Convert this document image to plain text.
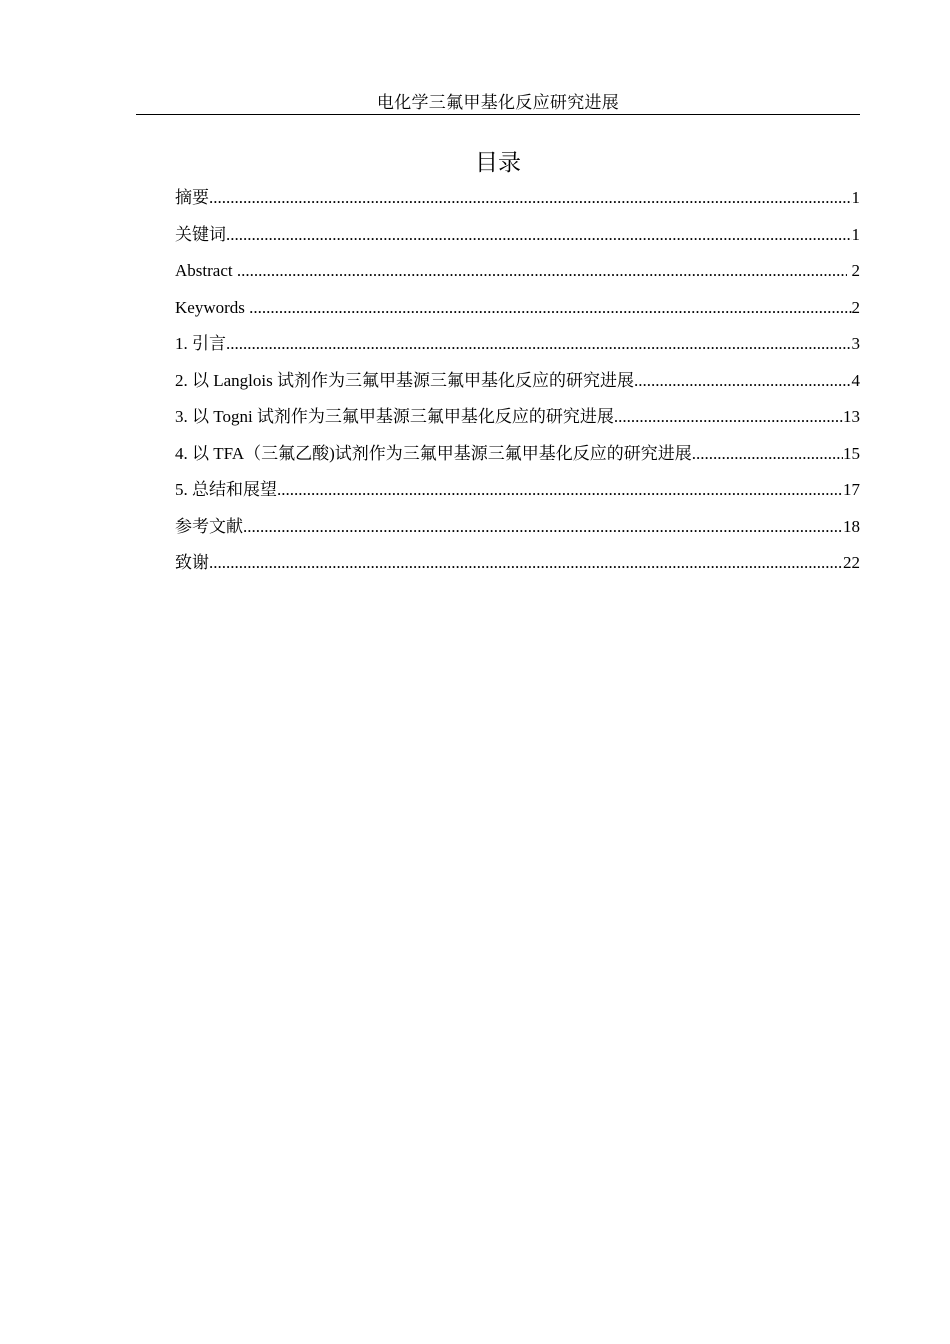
电化学三氟甲基化反应研究进展
目录
摘要 .....	1
关键词 .....	1
Abstract .....	2
Keywords .....	2
1. 引言 .....	3
2. 以 Langlois 试剂作为三氟甲基源三氟甲基化反应的研究进展 .....	4
3. 以 Togni 试剂作为三氟甲基源三氟甲基化反应的研究进展 .....	13
4. 以 TFA（三氟乙酸)试剂作为三氟甲基源三氟甲基化反应的研究进展 .....	15
5. 总结和展望 .....	17
参考文献 .....	18
致谢 .....	22
